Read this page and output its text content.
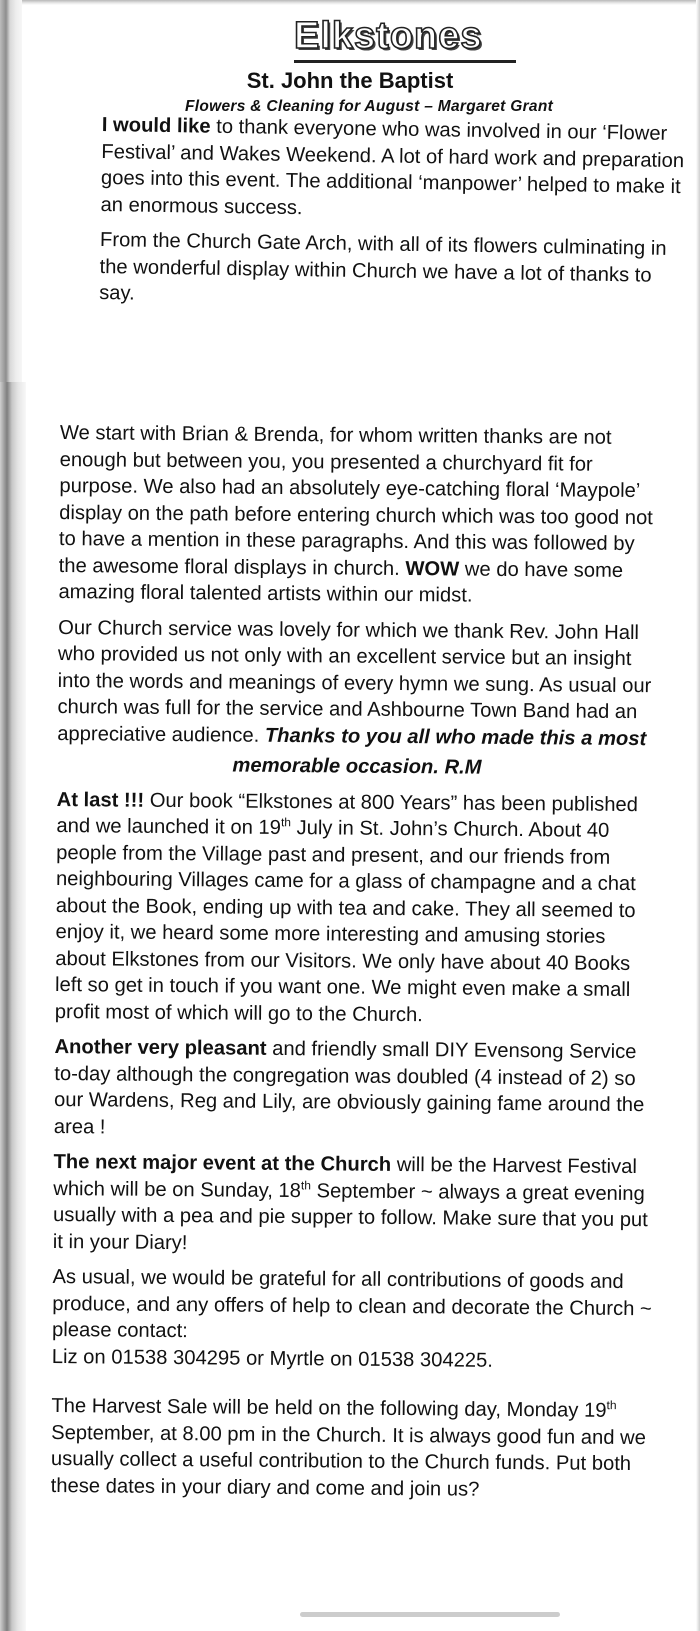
Elkstones
St. John the Baptist
Flowers & Cleaning for August – Margaret Grant

I would like to thank everyone who was involved in our ‘Flower Festival’ and Wakes Weekend. A lot of hard work and preparation goes into this event. The additional ‘manpower’ helped to make it an enormous success.

From the Church Gate Arch, with all of its flowers culminating in the wonderful display within Church we have a lot of thanks to say.

We start with Brian & Brenda, for whom written thanks are not enough but between you, you presented a churchyard fit for purpose. We also had an absolutely eye-catching floral ‘Maypole’ display on the path before entering church which was too good not to have a mention in these paragraphs. And this was followed by the awesome floral displays in church. WOW we do have some amazing floral talented artists within our midst.

Our Church service was lovely for which we thank Rev. John Hall who provided us not only with an excellent service but an insight into the words and meanings of every hymn we sung. As usual our church was full for the service and Ashbourne Town Band had an appreciative audience. Thanks to you all who made this a most
memorable occasion. R.M

At last !!! Our book “Elkstones at 800 Years” has been published and we launched it on 19th July in St. John’s Church. About 40 people from the Village past and present, and our friends from neighbouring Villages came for a glass of champagne and a chat about the Book, ending up with tea and cake. They all seemed to enjoy it, we heard some more interesting and amusing stories about Elkstones from our Visitors. We only have about 40 Books left so get in touch if you want one. We might even make a small profit most of which will go to the Church.

Another very pleasant and friendly small DIY Evensong Service to-day although the congregation was doubled (4 instead of 2) so our Wardens, Reg and Lily, are obviously gaining fame around the area !

The next major event at the Church will be the Harvest Festival which will be on Sunday, 18th September ~ always a great evening usually with a pea and pie supper to follow. Make sure that you put it in your Diary!

As usual, we would be grateful for all contributions of goods and produce, and any offers of help to clean and decorate the Church ~ please contact:
Liz on 01538 304295 or Myrtle on 01538 304225.

The Harvest Sale will be held on the following day, Monday 19th September, at 8.00 pm in the Church. It is always good fun and we usually collect a useful contribution to the Church funds. Put both these dates in your diary and come and join us?
